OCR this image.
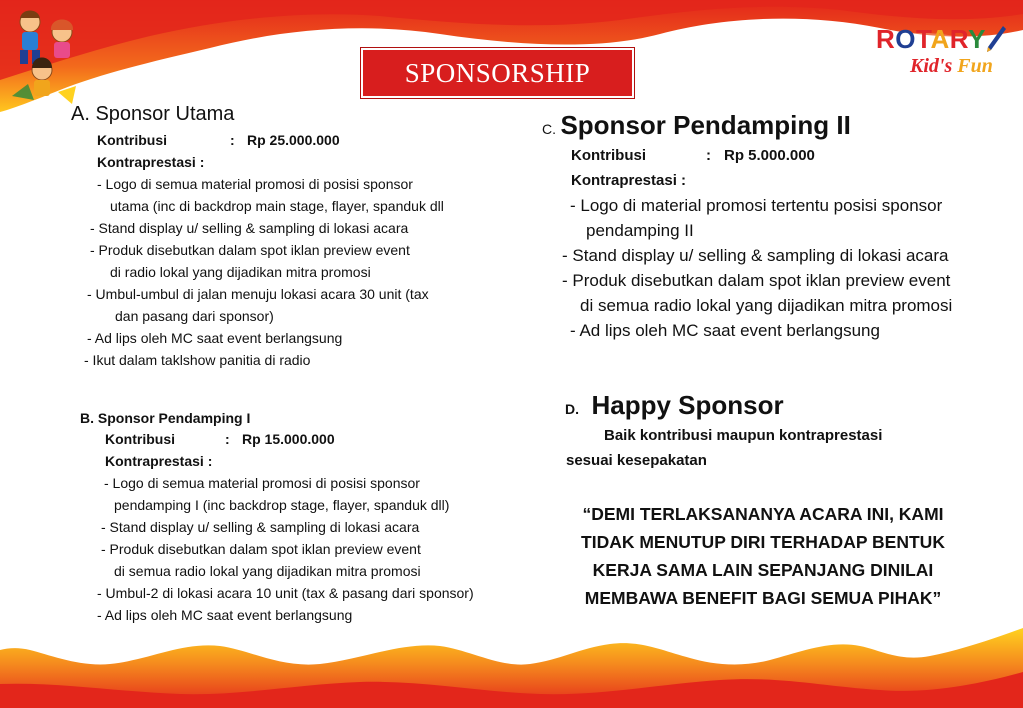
ROTARY
Kid's Fun
SPONSORSHIP
A. Sponsor Utama
Kontribusi	: Rp 25.000.000
Kontraprestasi :
- Logo di semua material promosi di posisi sponsor
utama (inc di backdrop main stage, flayer, spanduk dll
- Stand display u/ selling & sampling di lokasi acara
- Produk disebutkan dalam spot iklan preview event
di radio lokal yang dijadikan mitra promosi
- Umbul-umbul di jalan menuju lokasi acara 30 unit (tax
dan pasang dari sponsor)
- Ad lips oleh MC saat event berlangsung
- Ikut dalam taklshow panitia di radio
B. Sponsor Pendamping I
Kontribusi	: Rp 15.000.000
Kontraprestasi :
- Logo di semua material promosi di posisi sponsor
pendamping I (inc backdrop stage, flayer, spanduk dll)
- Stand display u/ selling & sampling di lokasi acara
- Produk disebutkan dalam spot iklan preview event
di semua radio lokal yang dijadikan mitra promosi
- Umbul-2 di lokasi acara 10 unit (tax & pasang dari sponsor)
- Ad lips oleh MC saat event berlangsung
C. Sponsor Pendamping II
Kontribusi	: Rp 5.000.000
Kontraprestasi :
- Logo di material promosi tertentu posisi sponsor
pendamping II
- Stand display u/ selling & sampling di lokasi acara
- Produk disebutkan dalam spot iklan preview event
di semua radio lokal yang dijadikan mitra promosi
- Ad lips oleh MC saat event berlangsung
D. Happy Sponsor
Baik kontribusi maupun kontraprestasi
sesuai kesepakatan
“DEMI TERLAKSANANYA ACARA INI, KAMI
TIDAK MENUTUP DIRI TERHADAP BENTUK
KERJA SAMA LAIN SEPANJANG DINILAI
MEMBAWA BENEFIT BAGI SEMUA PIHAK”
